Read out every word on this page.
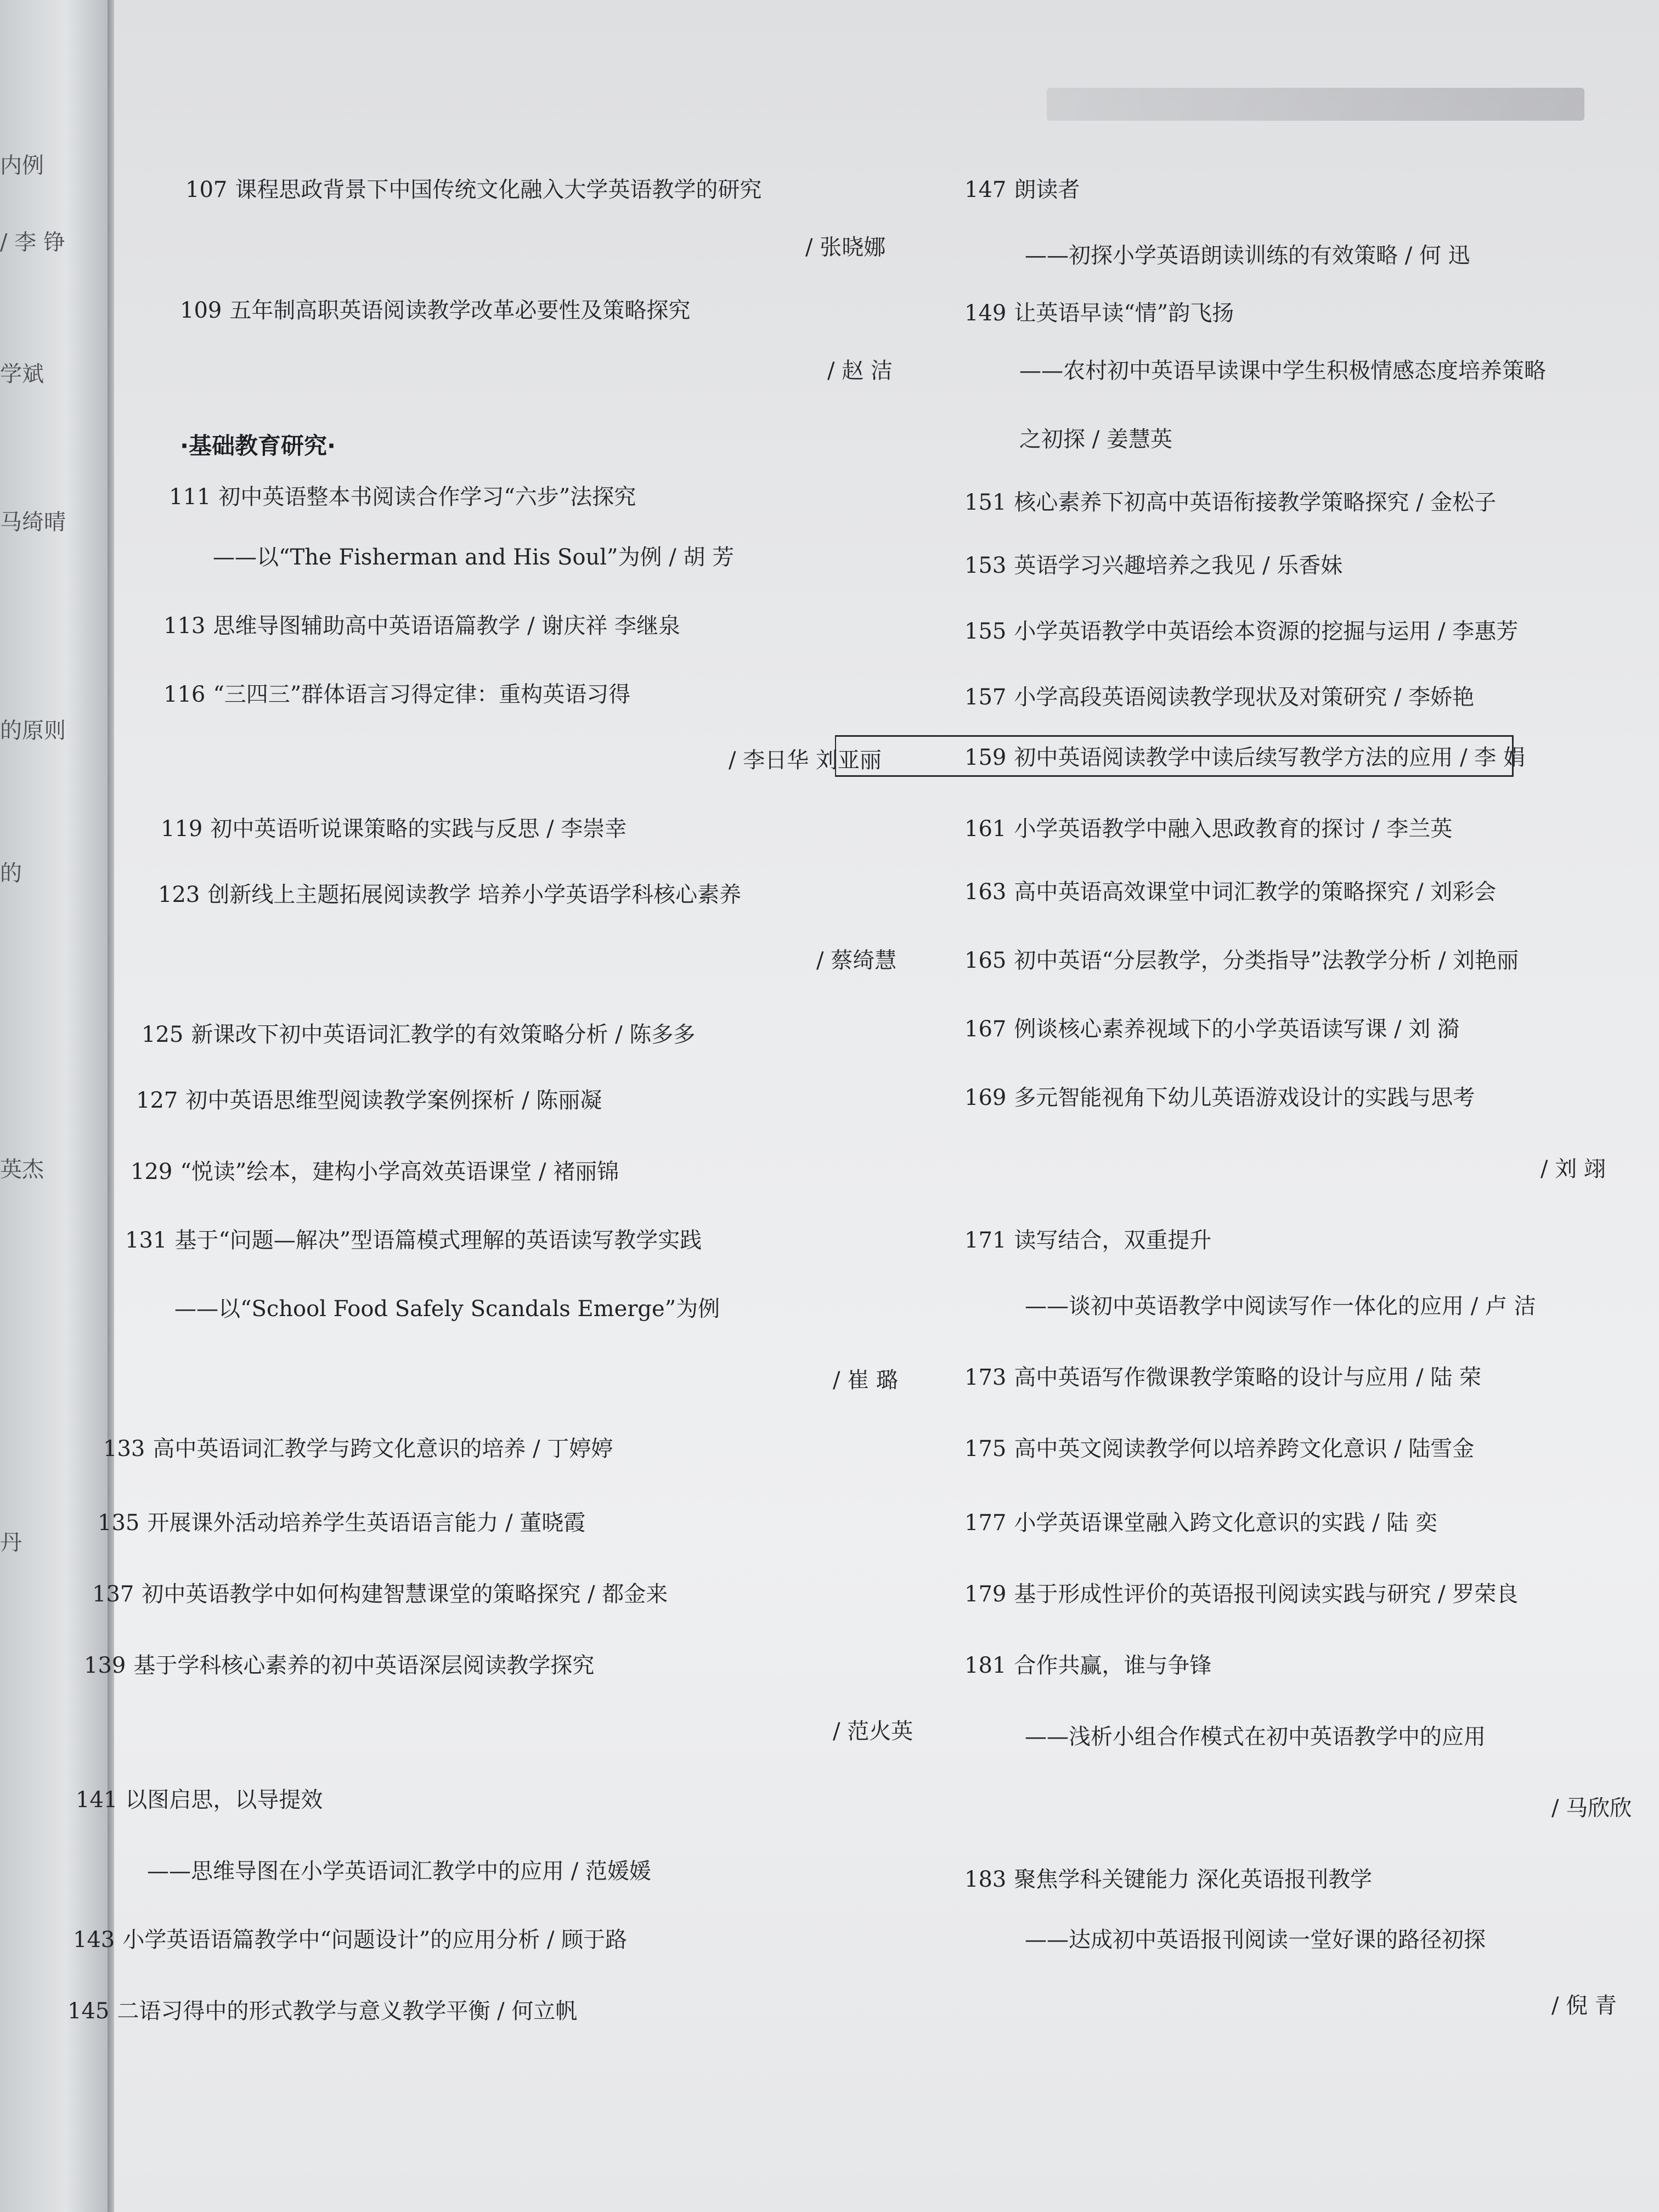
内例
/ 李 铮
学斌
马绮晴
的原则
的
英杰
丹
107 课程思政背景下中国传统文化融入大学英语教学的研究
/ 张晓娜
109 五年制高职英语阅读教学改革必要性及策略探究
/ 赵 洁
111 初中英语整本书阅读合作学习“六步”法探究
——以“The Fisherman and His Soul”为例 / 胡 芳
113 思维导图辅助高中英语语篇教学 / 谢庆祥 李继泉
116 “三四三”群体语言习得定律：重构英语习得
/ 李日华 刘亚丽
119 初中英语听说课策略的实践与反思 / 李崇幸
123 创新线上主题拓展阅读教学 培养小学英语学科核心素养
/ 蔡绮慧
125 新课改下初中英语词汇教学的有效策略分析 / 陈多多
127 初中英语思维型阅读教学案例探析 / 陈丽凝
129 “悦读”绘本，建构小学高效英语课堂 / 褚丽锦
131 基于“问题—解决”型语篇模式理解的英语读写教学实践
——以“School Food Safely Scandals Emerge”为例
/ 崔 璐
133 高中英语词汇教学与跨文化意识的培养 / 丁婷婷
135 开展课外活动培养学生英语语言能力 / 董晓霞
137 初中英语教学中如何构建智慧课堂的策略探究 / 都金来
139 基于学科核心素养的初中英语深层阅读教学探究
/ 范火英
141 以图启思，以导提效
——思维导图在小学英语词汇教学中的应用 / 范媛媛
143 小学英语语篇教学中“问题设计”的应用分析 / 顾于路
145 二语习得中的形式教学与意义教学平衡 / 何立帆
147 朗读者
——初探小学英语朗读训练的有效策略 / 何 迅
149 让英语早读“情”韵飞扬
——农村初中英语早读课中学生积极情感态度培养策略
之初探 / 姜慧英
151 核心素养下初高中英语衔接教学策略探究 / 金松子
153 英语学习兴趣培养之我见 / 乐香妹
155 小学英语教学中英语绘本资源的挖掘与运用 / 李惠芳
157 小学高段英语阅读教学现状及对策研究 / 李娇艳
159 初中英语阅读教学中读后续写教学方法的应用 / 李 娟
161 小学英语教学中融入思政教育的探讨 / 李兰英
163 高中英语高效课堂中词汇教学的策略探究 / 刘彩会
165 初中英语“分层教学，分类指导”法教学分析 / 刘艳丽
167 例谈核心素养视域下的小学英语读写课 / 刘 漪
169 多元智能视角下幼儿英语游戏设计的实践与思考
/ 刘 翊
171 读写结合，双重提升
——谈初中英语教学中阅读写作一体化的应用 / 卢 洁
173 高中英语写作微课教学策略的设计与应用 / 陆 荣
175 高中英文阅读教学何以培养跨文化意识 / 陆雪金
177 小学英语课堂融入跨文化意识的实践 / 陆 奕
179 基于形成性评价的英语报刊阅读实践与研究 / 罗荣良
181 合作共赢，谁与争锋
——浅析小组合作模式在初中英语教学中的应用
/ 马欣欣
183 聚焦学科关键能力 深化英语报刊教学
——达成初中英语报刊阅读一堂好课的路径初探
/ 倪 青
·基础教育研究·
